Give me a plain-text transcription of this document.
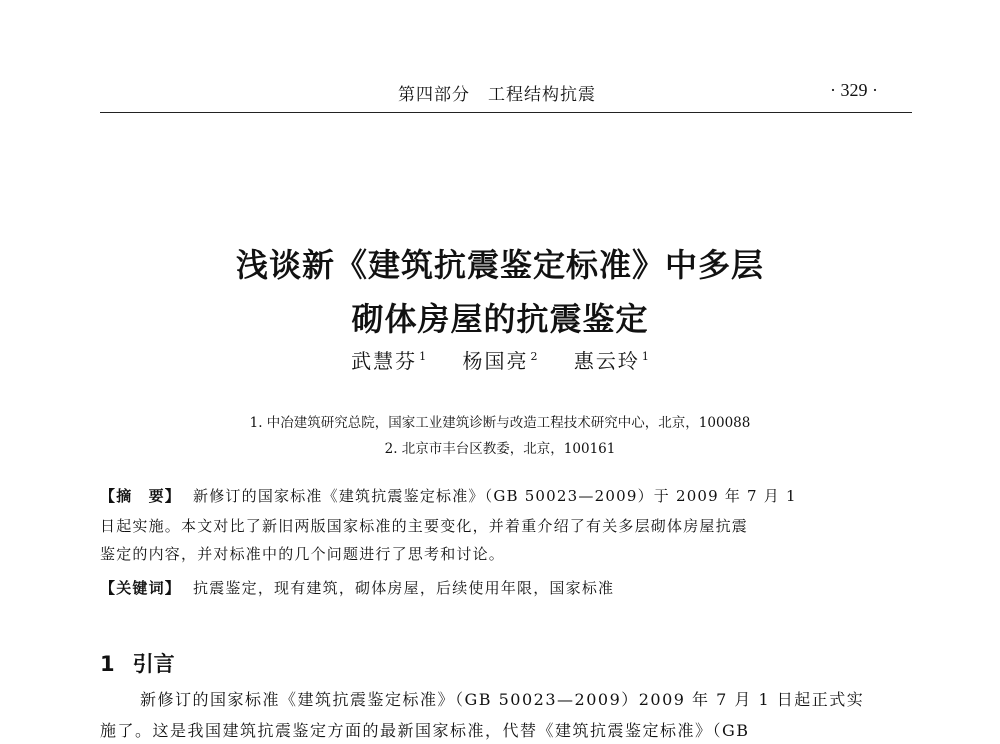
第四部分　工程结构抗震	· 329 ·
浅谈新《建筑抗震鉴定标准》中多层
砌体房屋的抗震鉴定
武慧芬 $^1$ 杨国亮 $^2$ 惠云玲 $^1$
1. 中冶建筑研究总院，国家工业建筑诊断与改造工程技术研究中心，北京，100088
2. 北京市丰台区教委，北京，100161
【摘　要】 新修订的国家标准《建筑抗震鉴定标准》（GB 50023—2009）于 2009 年 7 月 1
日起实施。本文对比了新旧两版国家标准的主要变化，并着重介绍了有关多层砌体房屋抗震
鉴定的内容，并对标准中的几个问题进行了思考和讨论。
【关键词】 抗震鉴定，现有建筑，砌体房屋，后续使用年限，国家标准
1 引言
新修订的国家标准《建筑抗震鉴定标准》（GB 50023—2009）2009 年 7 月 1 日起正式实
施了。这是我国建筑抗震鉴定方面的最新国家标准，代替《建筑抗震鉴定标准》（GB
